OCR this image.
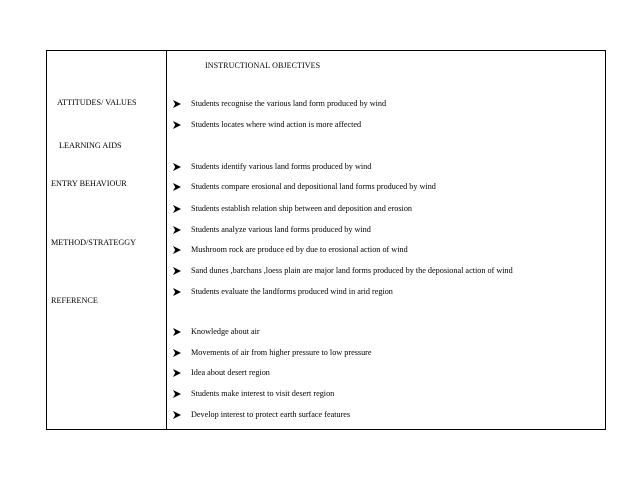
INSTRUCTIONAL OBJECTIVES
ATTITUDES/ VALUES
LEARNING AIDS
ENTRY BEHAVIOUR
METHOD/STRATEGGY
REFERENCE
Students recognise the various land form produced by wind
Students locates where wind action is more affected
Students identify various land forms produced by wind
Students compare erosional and depositional land forms produced by wind
Students establish relation ship between and deposition and erosion
Students analyze various land forms produced by wind
Mushroom rock are produce ed by due to erosional action of wind
Sand dunes ,barchans ,loess plain are major land forms produced by the deposional action of wind
Students evaluate the landforms produced wind in arid region
Knowledge about air
Movements of air from higher pressure to low pressure
Idea about desert region
Students make interest to visit desert region
Develop interest to protect earth surface features
